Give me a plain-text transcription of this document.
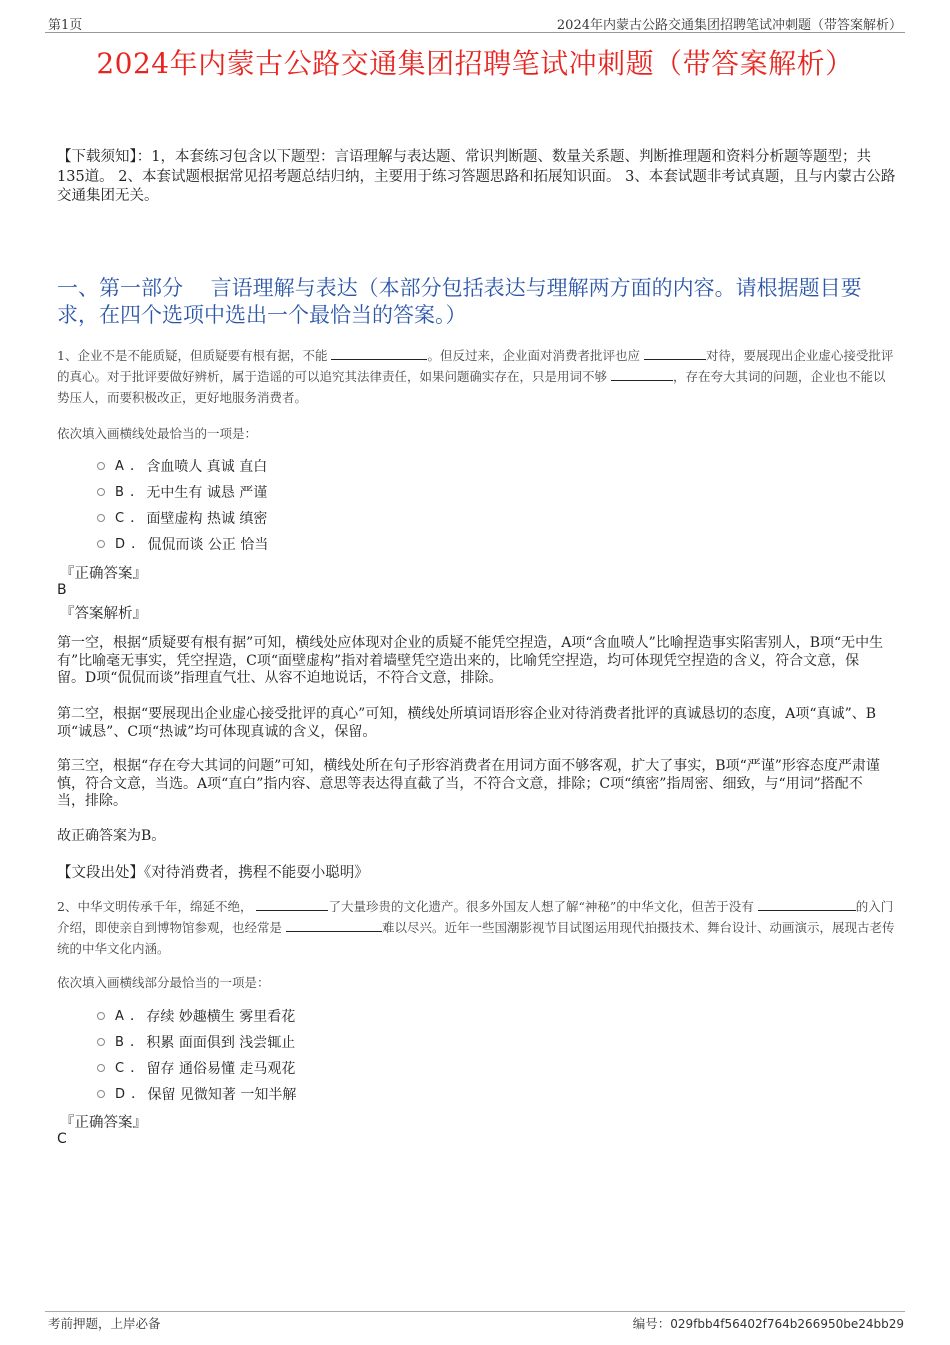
第1页	2024年内蒙古公路交通集团招聘笔试冲刺题（带答案解析）
2024年内蒙古公路交通集团招聘笔试冲刺题（带答案解析）
【下载须知】：1，本套练习包含以下题型：言语理解与表达题、常识判断题、数量关系题、判断推理题和资料分析题等题型；共135道。 2、本套试题根据常见招考题总结归纳，主要用于练习答题思路和拓展知识面。 3、本套试题非考试真题，且与内蒙古公路交通集团无关。
一、第一部分　 言语理解与表达（本部分包括表达与理解两方面的内容。请根据题目要求，在四个选项中选出一个最恰当的答案。）
1、企业不是不能质疑，但质疑要有根有据，不能	。但反过来，企业面对消费者批评也应	对待，要展现出企业虚心接受批评的真心。对于批评要做好辨析，属于造谣的可以追究其法律责任，如果问题确实存在，只是用词不够	，存在夸大其词的问题，企业也不能以势压人，而要积极改正，更好地服务消费者。
依次填入画横线处最恰当的一项是：
A . 含血喷人 真诚 直白
B . 无中生有 诚恳 严谨
C . 面壁虚构 热诚 缜密
D . 侃侃而谈 公正 恰当
『正确答案』
B
『答案解析』
第一空，根据“质疑要有根有据”可知，横线处应体现对企业的质疑不能凭空捏造，A项“含血喷人”比喻捏造事实陷害别人，B项“无中生有”比喻毫无事实，凭空捏造，C项“面壁虚构”指对着墙壁凭空造出来的，比喻凭空捏造，均可体现凭空捏造的含义，符合文意，保留。D项“侃侃而谈”指理直气壮、从容不迫地说话，不符合文意，排除。
第二空，根据“要展现出企业虚心接受批评的真心”可知，横线处所填词语形容企业对待消费者批评的真诚恳切的态度，A项“真诚”、B项“诚恳”、C项“热诚”均可体现真诚的含义，保留。
第三空，根据“存在夸大其词的问题”可知，横线处所在句子形容消费者在用词方面不够客观，扩大了事实，B项“严谨”形容态度严肃谨慎，符合文意，当选。A项“直白”指内容、意思等表达得直截了当，不符合文意，排除；C项“缜密”指周密、细致，与“用词”搭配不当，排除。
故正确答案为B。
【文段出处】《对待消费者，携程不能耍小聪明》
2、中华文明传承千年，绵延不绝，	了大量珍贵的文化遗产。很多外国友人想了解“神秘”的中华文化，但苦于没有	的入门介绍，即使亲自到博物馆参观，也经常是	难以尽兴。近年一些国潮影视节目试图运用现代拍摄技术、舞台设计、动画演示，展现古老传统的中华文化内涵。
依次填入画横线部分最恰当的一项是：
A . 存续 妙趣横生 雾里看花
B . 积累 面面俱到 浅尝辄止
C . 留存 通俗易懂 走马观花
D . 保留 见微知著 一知半解
『正确答案』
C
考前押题，上岸必备	编号：029fbb4f56402f764b266950be24bb29
